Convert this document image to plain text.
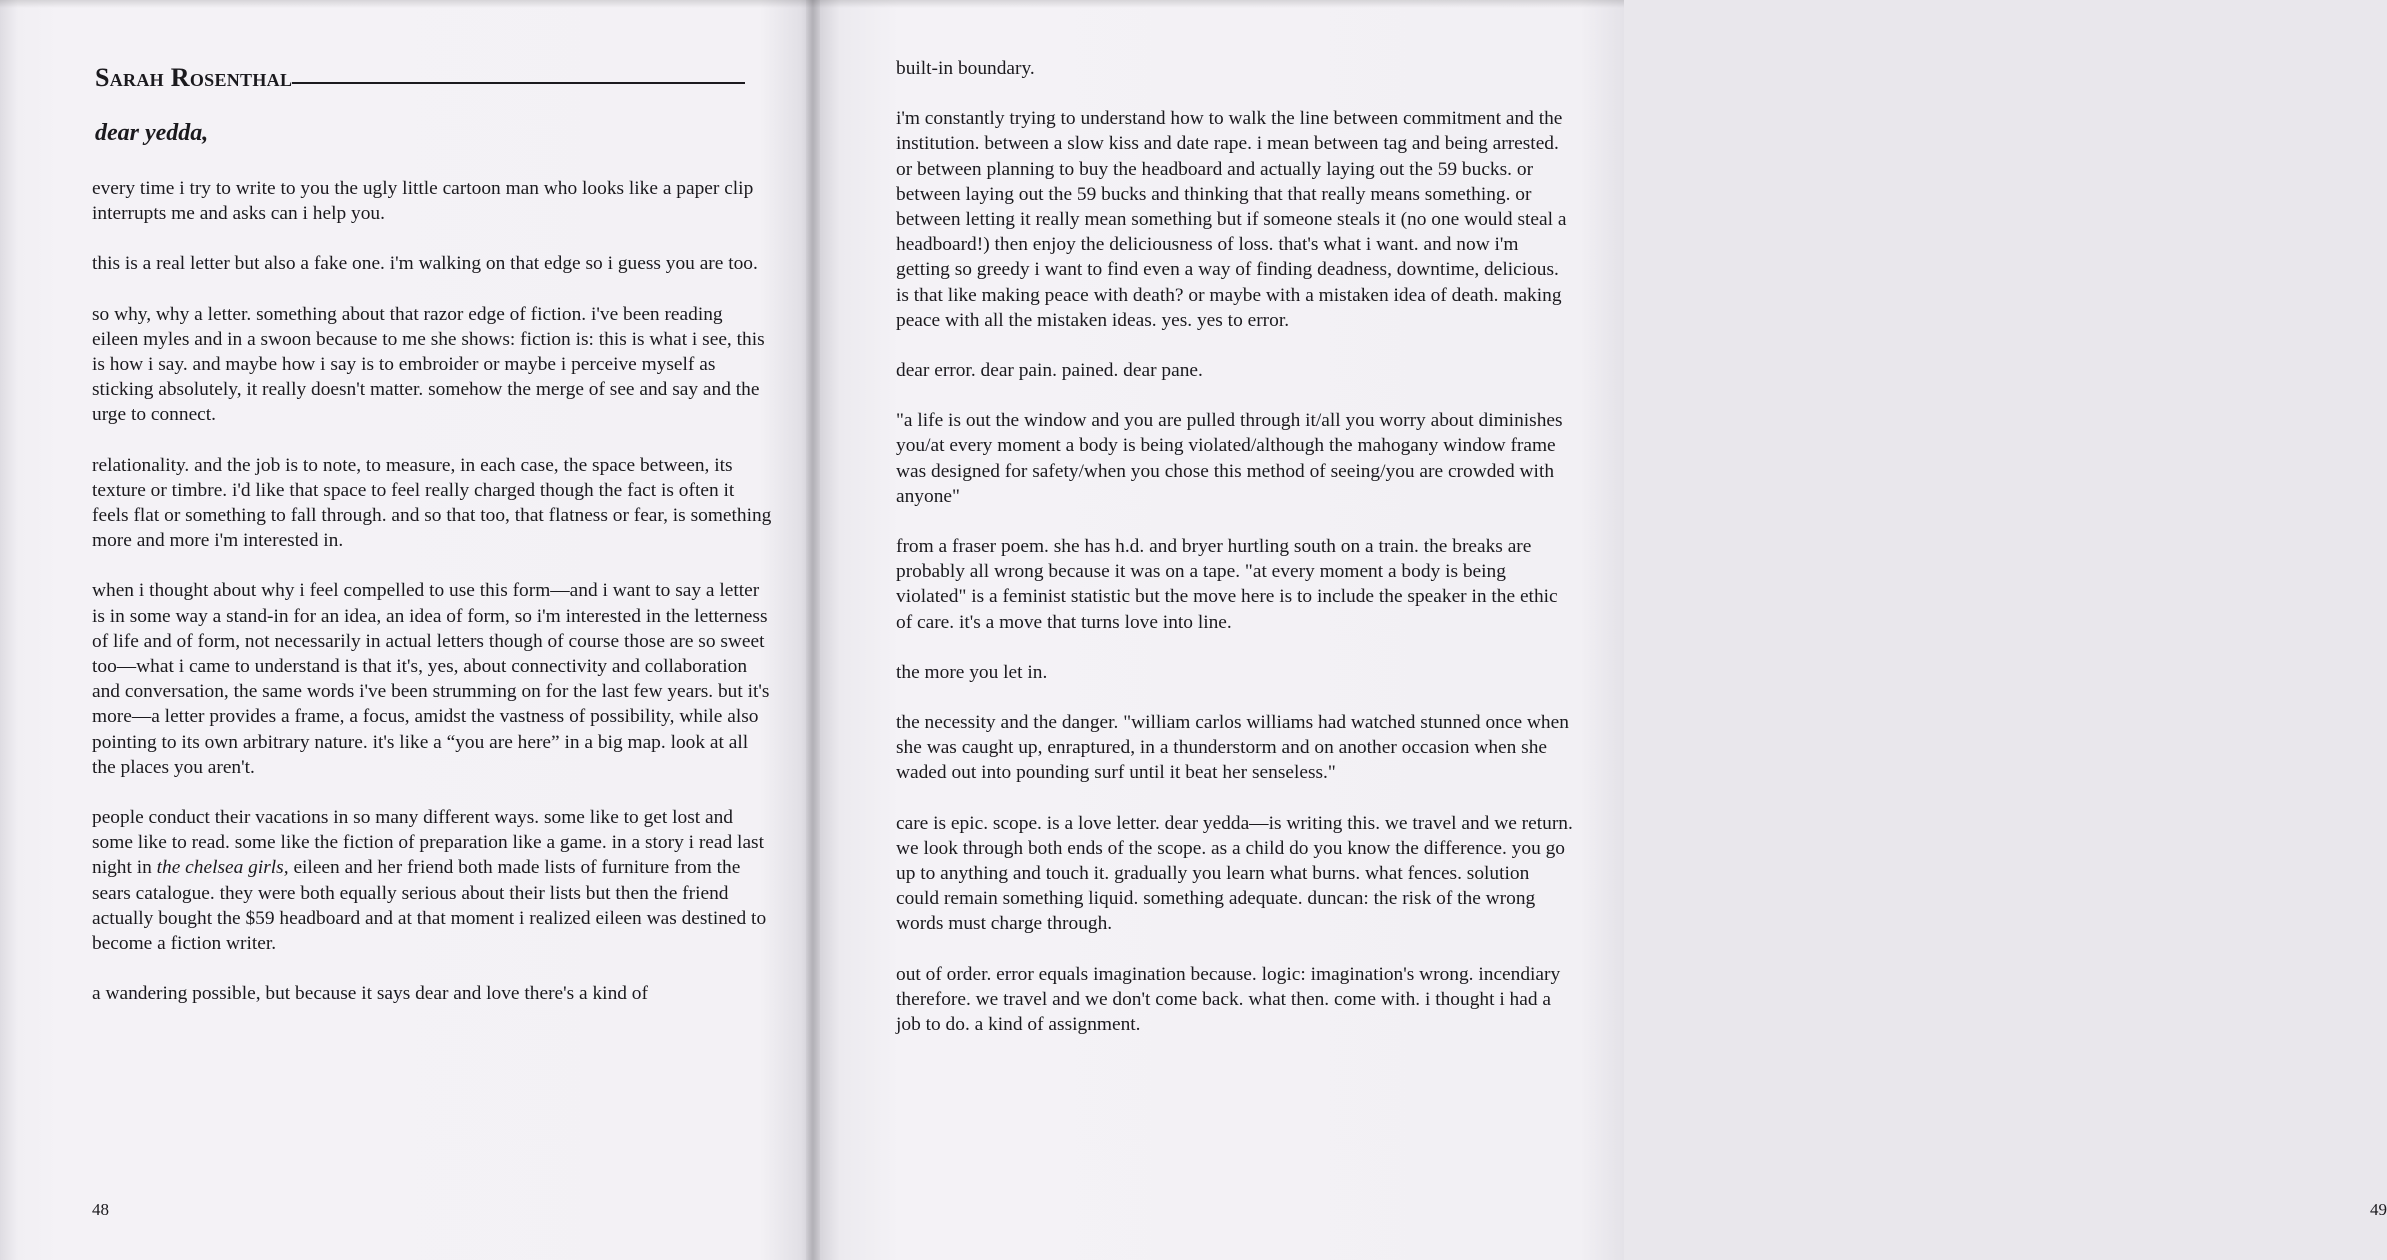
Sarah Rosenthal
dear yedda,

every time i try to write to you the ugly little cartoon man who looks like a paper clip interrupts me and asks can i help you.

this is a real letter but also a fake one. i'm walking on that edge so i guess you are too.

so why, why a letter. something about that razor edge of fiction. i've been reading eileen myles and in a swoon because to me she shows: fiction is: this is what i see, this is how i say. and maybe how i say is to embroider or maybe i perceive myself as sticking absolutely, it really doesn't matter. somehow the merge of see and say and the urge to connect.

relationality. and the job is to note, to measure, in each case, the space between, its texture or timbre. i'd like that space to feel really charged though the fact is often it feels flat or something to fall through. and so that too, that flatness or fear, is something more and more i'm interested in.

when i thought about why i feel compelled to use this form—and i want to say a letter is in some way a stand-in for an idea, an idea of form, so i'm interested in the letterness of life and of form, not necessarily in actual letters though of course those are so sweet too—what i came to understand is that it's, yes, about connectivity and collaboration and conversation, the same words i've been strumming on for the last few years. but it's more—a letter provides a frame, a focus, amidst the vastness of possibility, while also pointing to its own arbitrary nature. it's like a “you are here” in a big map. look at all the places you aren't.

people conduct their vacations in so many different ways. some like to get lost and some like to read. some like the fiction of preparation like a game. in a story i read last night in the chelsea girls, eileen and her friend both made lists of furniture from the sears catalogue. they were both equally serious about their lists but then the friend actually bought the $59 headboard and at that moment i realized eileen was destined to become a fiction writer.

a wandering possible, but because it says dear and love there's a kind of

48	49

built-in boundary.

i'm constantly trying to understand how to walk the line between commitment and the institution. between a slow kiss and date rape. i mean between tag and being arrested. or between planning to buy the headboard and actually laying out the 59 bucks. or between laying out the 59 bucks and thinking that that really means something. or between letting it really mean something but if someone steals it (no one would steal a headboard!) then enjoy the deliciousness of loss. that's what i want. and now i'm getting so greedy i want to find even a way of finding deadness, downtime, delicious. is that like making peace with death? or maybe with a mistaken idea of death. making peace with all the mistaken ideas. yes. yes to error.

dear error. dear pain. pained. dear pane.

"a life is out the window and you are pulled through it/all you worry about diminishes you/at every moment a body is being violated/although the mahogany window frame was designed for safety/when you chose this method of seeing/you are crowded with anyone"

from a fraser poem. she has h.d. and bryer hurtling south on a train. the breaks are probably all wrong because it was on a tape. "at every moment a body is being violated" is a feminist statistic but the move here is to include the speaker in the ethic of care. it's a move that turns love into line.

the more you let in.

the necessity and the danger. "william carlos williams had watched stunned once when she was caught up, enraptured, in a thunderstorm and on another occasion when she waded out into pounding surf until it beat her senseless."

care is epic. scope. is a love letter. dear yedda—is writing this. we travel and we return. we look through both ends of the scope. as a child do you know the difference. you go up to anything and touch it. gradually you learn what burns. what fences. solution could remain something liquid. something adequate. duncan: the risk of the wrong words must charge through.

out of order. error equals imagination because. logic: imagination's wrong. incendiary therefore. we travel and we don't come back. what then. come with. i thought i had a job to do. a kind of assignment.
